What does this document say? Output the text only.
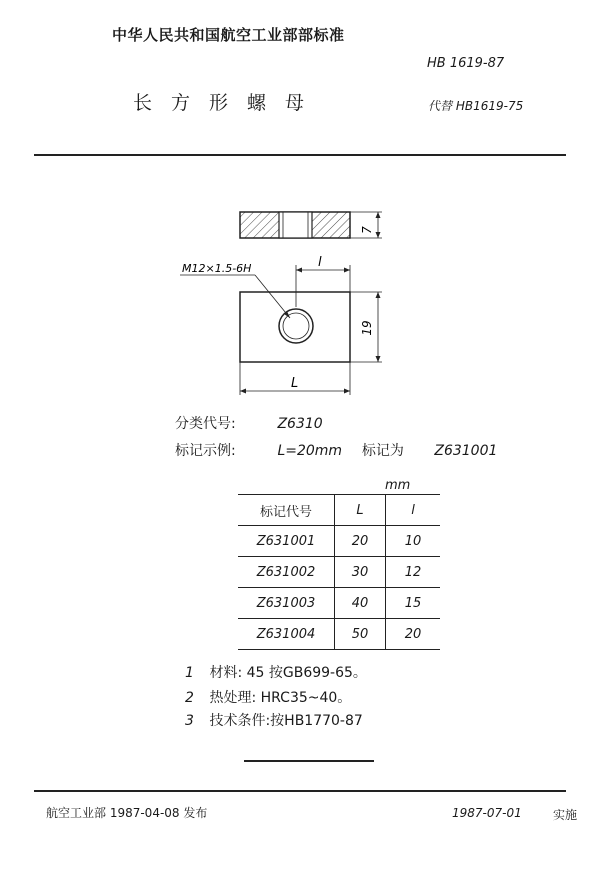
中华人民共和国航空工业部部标准
HB 1619-87
长方形螺母	代替 HB1619-75
7
M12×1.5-6H	l
19
L
分类代号:	Z6310
标记示例:	L=20mm 标记为 Z631001
mm
标记代号	L	l
Z631001	20	10
Z631002	30	12
Z631003	40	15
Z631004	50	20
1 材料: 45 按GB699-65。
2 热处理: HRC35~40。
3 技术条件:按HB1770-87
航空工业部 1987-04-08 发布	1987-07-01	实施
